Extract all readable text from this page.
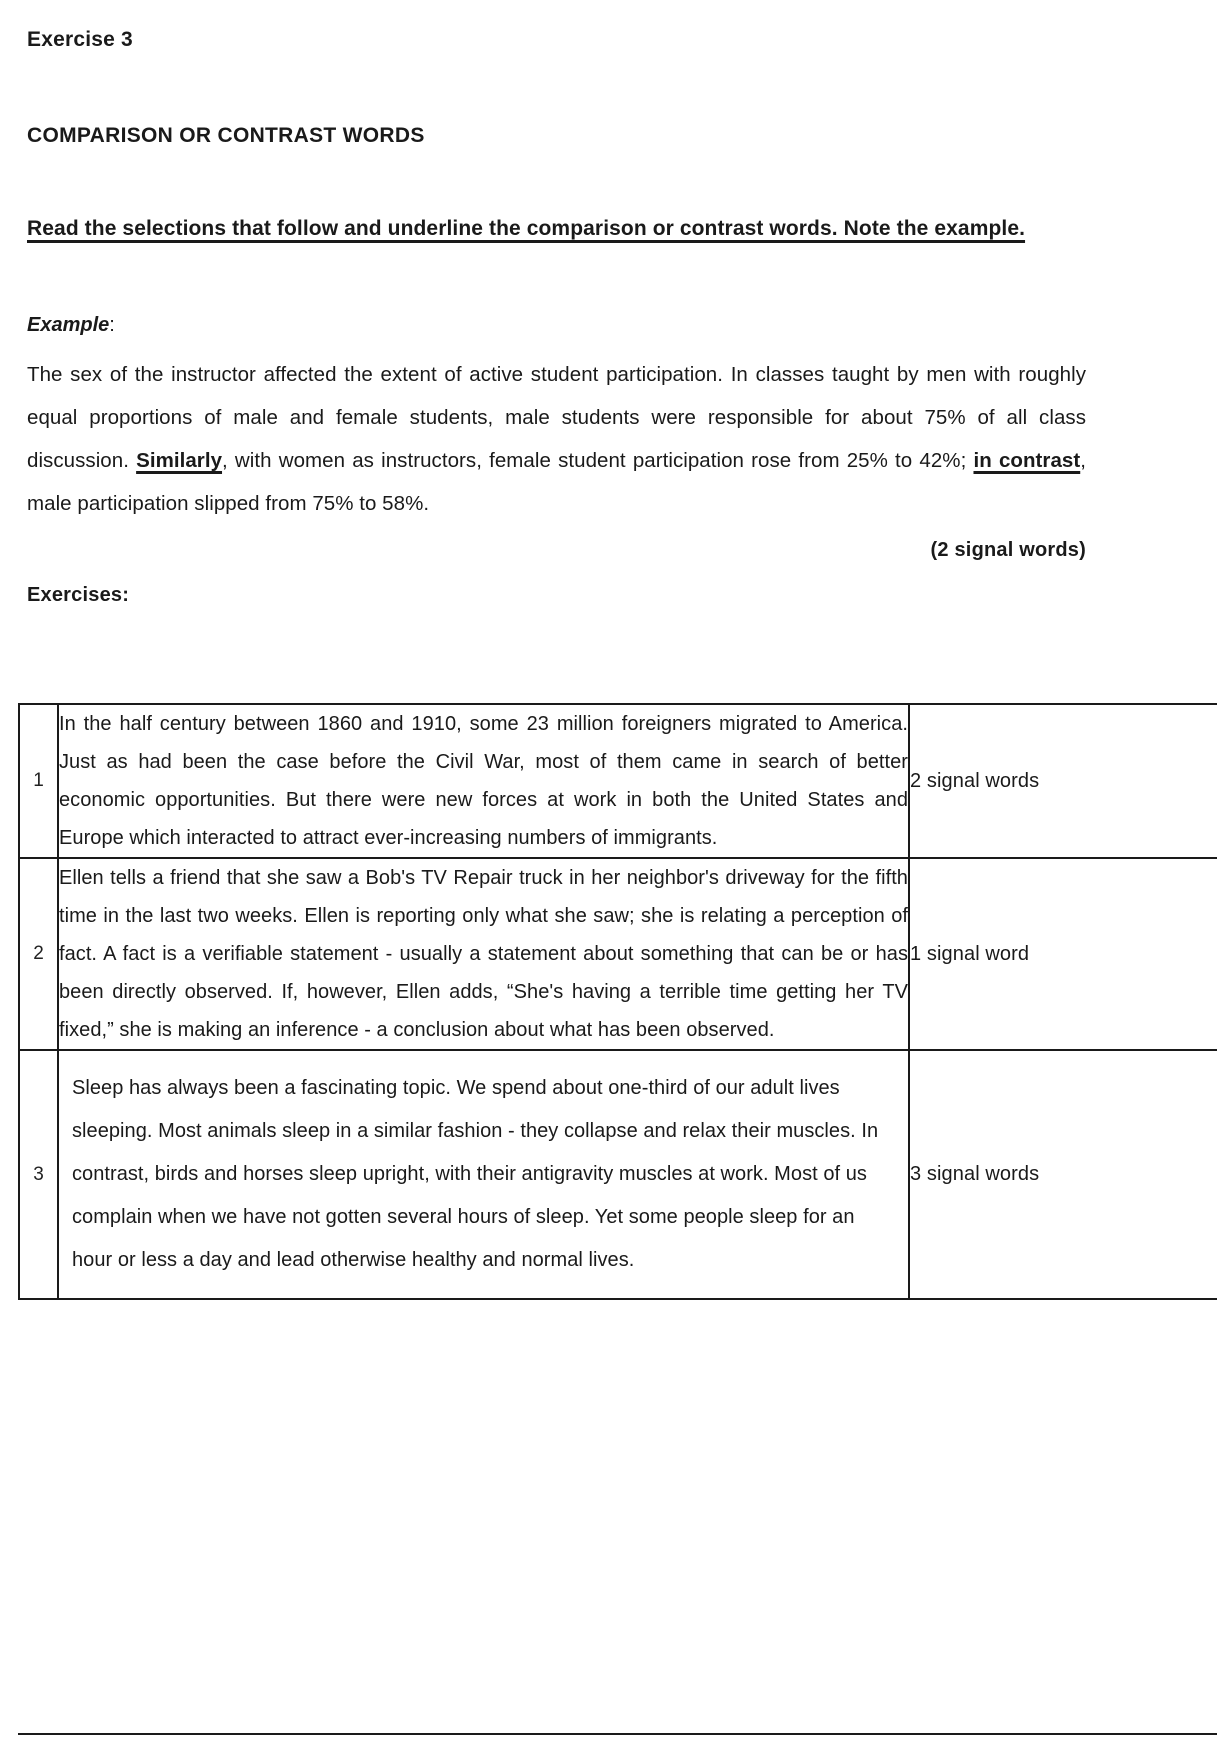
Exercise 3
COMPARISON OR CONTRAST WORDS
Read the selections that follow and underline the comparison or contrast words. Note the example.
Example:
The sex of the instructor affected the extent of active student participation. In classes taught by men with roughly equal proportions of male and female students, male students were responsible for about 75% of all class discussion. Similarly, with women as instructors, female student participation rose from 25% to 42%; in contrast, male participation slipped from 75% to 58%.
(2 signal words)
Exercises:
1	In the half century between 1860 and 1910, some 23 million foreigners migrated to America. Just as had been the case before the Civil War, most of them came in search of better economic opportunities. But there were new forces at work in both the United States and Europe which interacted to attract ever-increasing numbers of immigrants.	2 signal words
2	Ellen tells a friend that she saw a Bob's TV Repair truck in her neighbor's driveway for the fifth time in the last two weeks. Ellen is reporting only what she saw; she is relating a perception of fact. A fact is a verifiable statement - usually a statement about something that can be or has been directly observed. If, however, Ellen adds, “She's having a terrible time getting her TV fixed,” she is making an inference - a conclusion about what has been observed.	1 signal word
3	Sleep has always been a fascinating topic. We spend about one-third of our adult lives sleeping. Most animals sleep in a similar fashion - they collapse and relax their muscles. In contrast, birds and horses sleep upright, with their antigravity muscles at work. Most of us complain when we have not gotten several hours of sleep. Yet some people sleep for an hour or less a day and lead otherwise healthy and normal lives.	3 signal words
